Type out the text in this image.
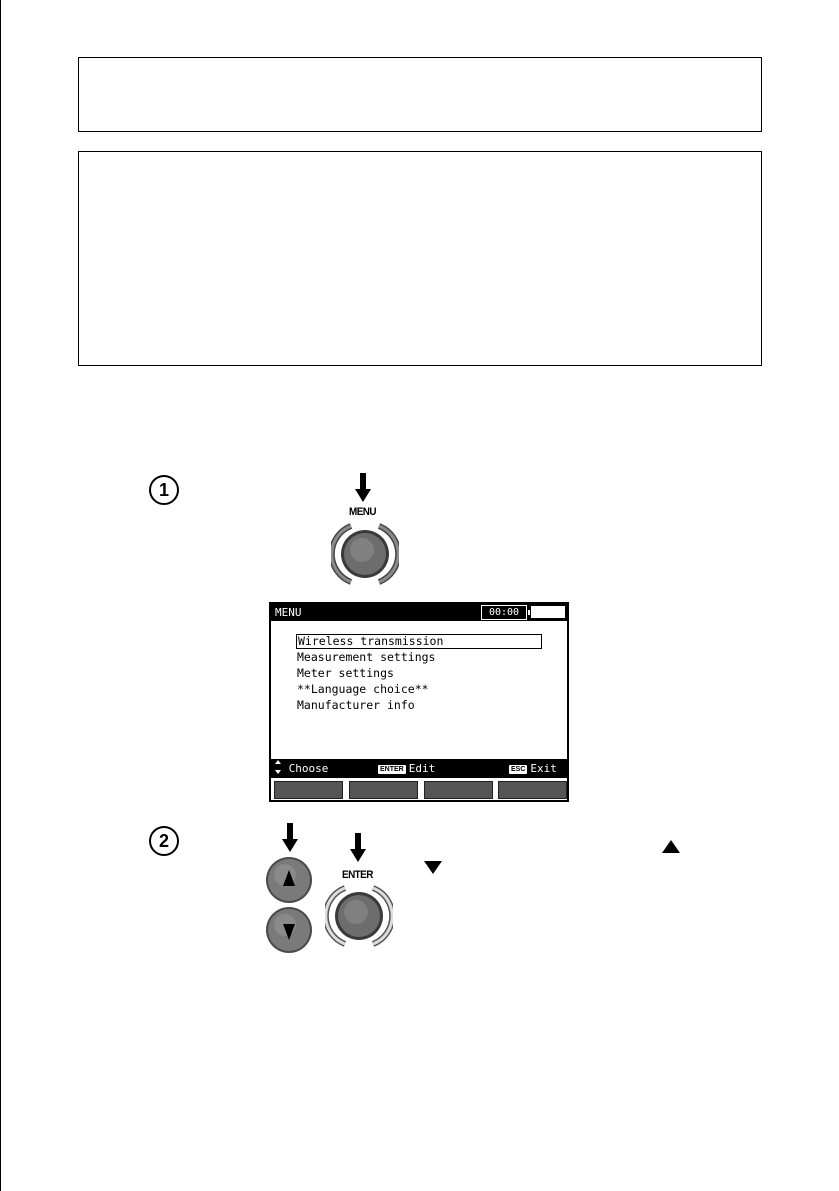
1
MENU
MENU	00:00
Wireless transmission
Measurement settings
Meter settings
**Language choice**
Manufacturer info
Choose	ENTER Edit	ESC Exit
2
ENTER
